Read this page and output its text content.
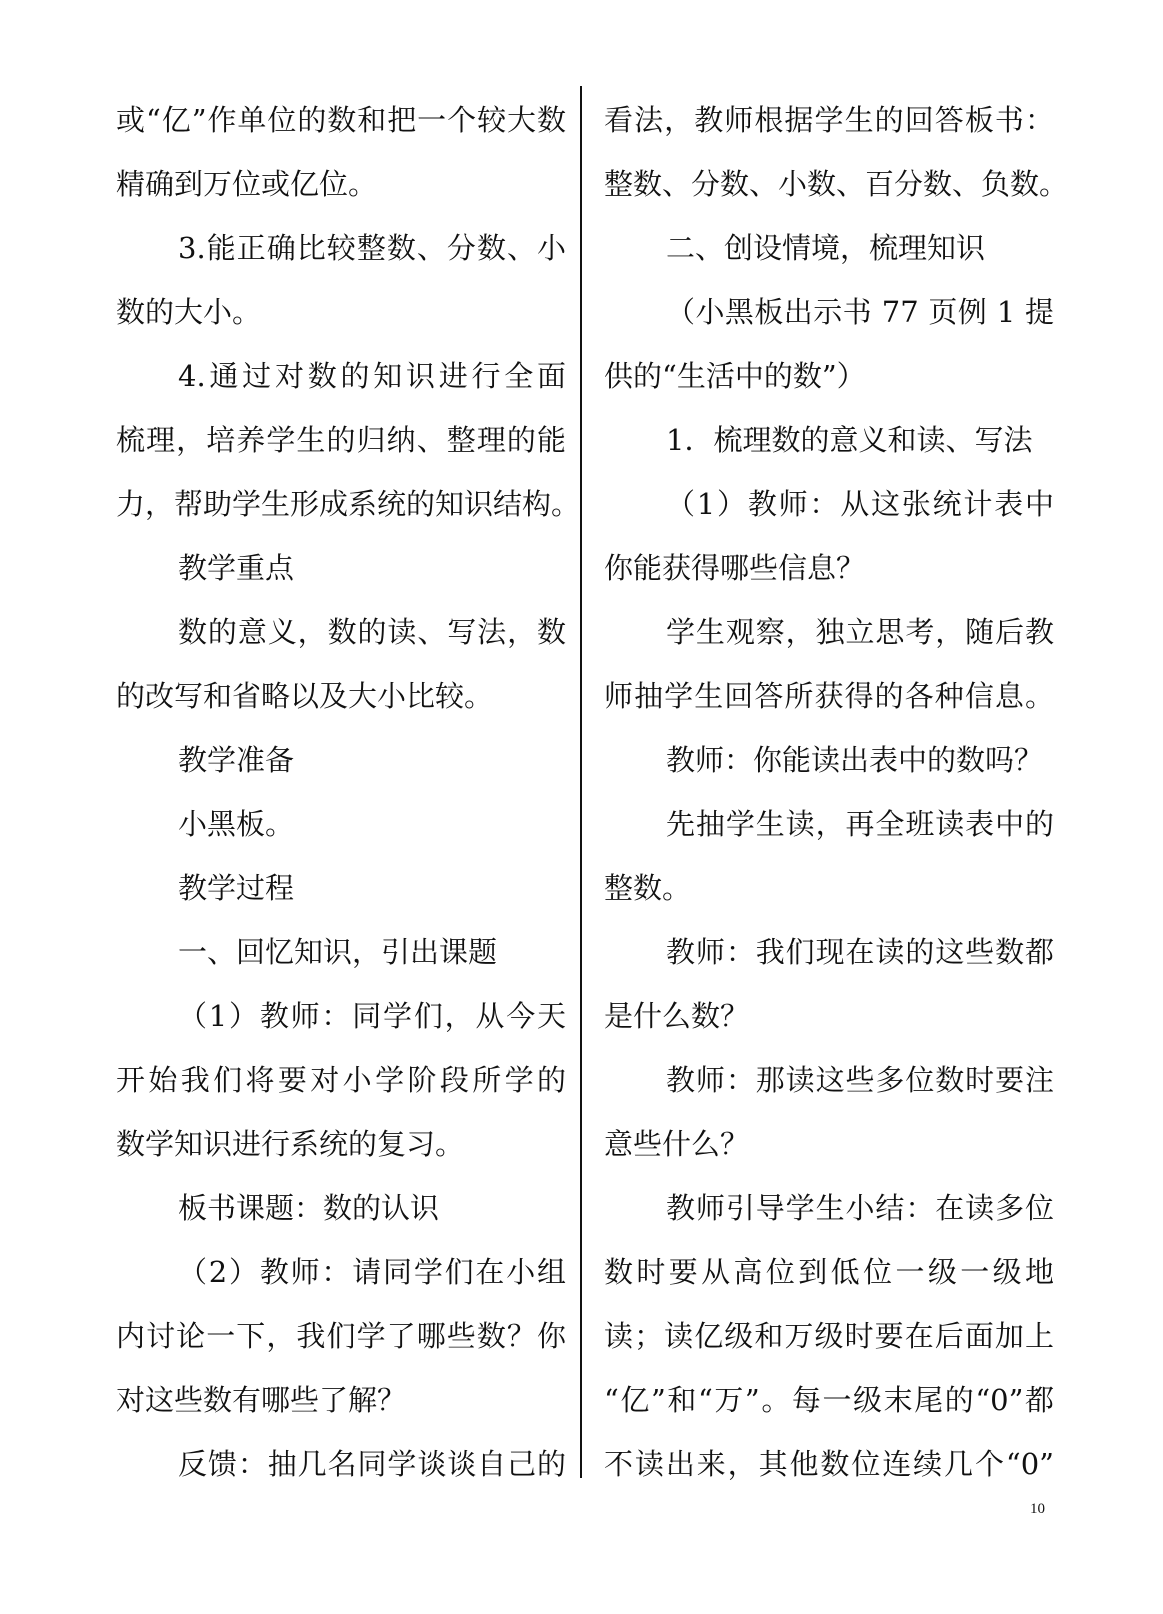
或“亿”作单位的数和把一个较大数
精确到万位或亿位。
3.能正确比较整数、分数、小
数的大小。
4.通过对数的知识进行全面
梳理，培养学生的归纳、整理的能
力，帮助学生形成系统的知识结构。
教学重点
数的意义，数的读、写法，数
的改写和省略以及大小比较。
教学准备
小黑板。
教学过程
一、回忆知识，引出课题
（1）教师：同学们，从今天
开始我们将要对小学阶段所学的
数学知识进行系统的复习。
板书课题：数的认识
（2）教师：请同学们在小组
内讨论一下，我们学了哪些数？你
对这些数有哪些了解？
反馈：抽几名同学谈谈自己的
看法，教师根据学生的回答板书：
整数、分数、小数、百分数、负数。
二、创设情境，梳理知识
（小黑板出示书 77 页例 1 提
供的“生活中的数”）
1．梳理数的意义和读、写法
（1）教师：从这张统计表中
你能获得哪些信息？
学生观察，独立思考，随后教
师抽学生回答所获得的各种信息。
教师：你能读出表中的数吗？
先抽学生读，再全班读表中的
整数。
教师：我们现在读的这些数都
是什么数？
教师：那读这些多位数时要注
意些什么？
教师引导学生小结：在读多位
数时要从高位到低位一级一级地
读；读亿级和万级时要在后面加上
“亿”和“万”。每一级末尾的“0”都
不读出来，其他数位连续几个“0”
10
